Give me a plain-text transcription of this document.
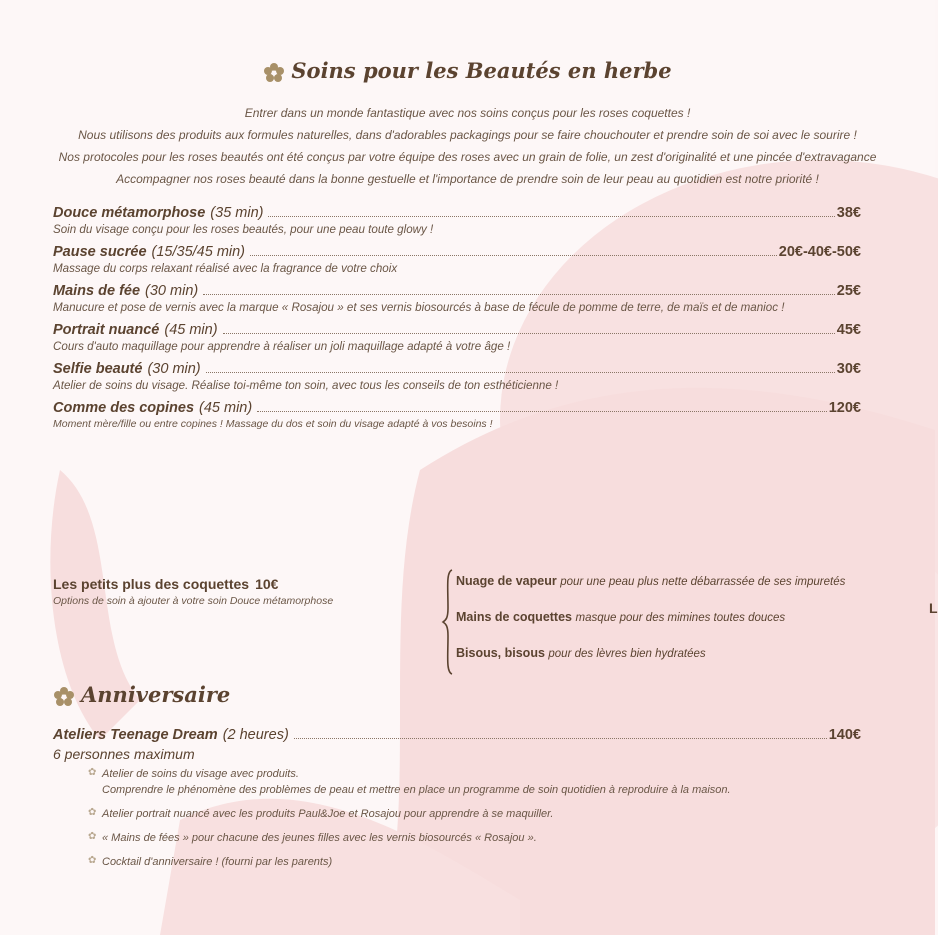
Soins pour les Beautés en herbe
Entrer dans un monde fantastique avec nos soins conçus pour les roses coquettes !
Nous utilisons des produits aux formules naturelles, dans d'adorables packagings pour se faire chouchouter et prendre soin de soi avec le sourire !
Nos protocoles pour les roses beautés ont été conçus par votre équipe des roses avec un grain de folie, un zest d'originalité et une pincée d'extravagance
Accompagner nos roses beauté dans la bonne gestuelle et l'importance de prendre soin de leur peau au quotidien est notre priorité !
Douce métamorphose (35 min)	38€
Soin du visage conçu pour les roses beautés, pour une peau toute glowy !
Pause sucrée (15/35/45 min)	20€-40€-50€
Massage du corps relaxant réalisé avec la fragrance de votre choix
Mains de fée (30 min)	25€
Manucure et pose de vernis avec la marque « Rosajou » et ses vernis biosourcés à base de fécule de pomme de terre, de maïs et de manioc !
Portrait nuancé (45 min)	45€
Cours d'auto maquillage pour apprendre à réaliser un joli maquillage adapté à votre âge !
Selfie beauté (30 min)	30€
Atelier de soins du visage. Réalise toi-même ton soin, avec tous les conseils de ton esthéticienne !
Comme des copines (45 min)	120€
Moment mère/fille ou entre copines ! Massage du dos et soin du visage adapté à vos besoins !
Les petits plus des coquettes 10€
Options de soin à ajouter à votre soin Douce métamorphose
Nuage de vapeur pour une peau plus nette débarrassée de ses impuretés
Mains de coquettes masque pour des mimines toutes douces
Bisous, bisous pour des lèvres bien hydratées
L
Anniversaire
Ateliers Teenage Dream (2 heures)	140€
6 personnes maximum
✿ Atelier de soins du visage avec produits.
Comprendre le phénomène des problèmes de peau et mettre en place un programme de soin quotidien à reproduire à la maison.
✿ Atelier portrait nuancé avec les produits Paul&Joe et Rosajou pour apprendre à se maquiller.
✿ « Mains de fées » pour chacune des jeunes filles avec les vernis biosourcés « Rosajou ».
✿ Cocktail d'anniversaire ! (fourni par les parents)
